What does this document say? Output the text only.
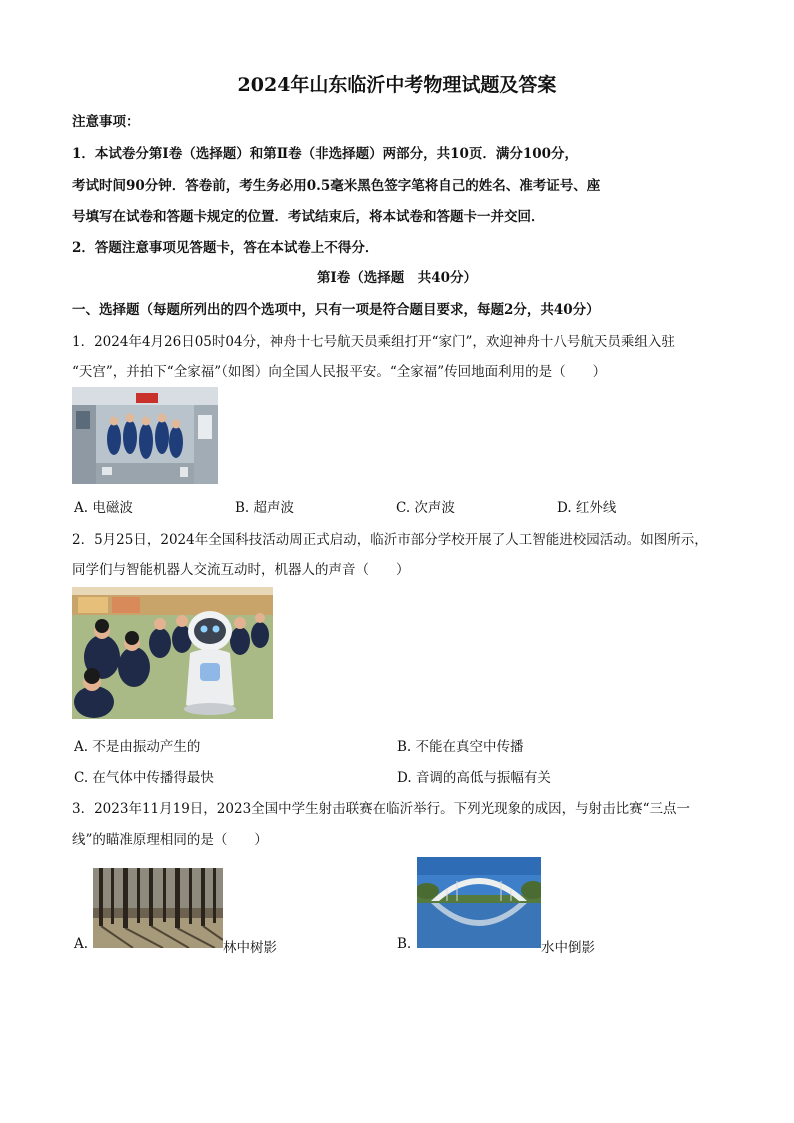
2024年山东临沂中考物理试题及答案
注意事项：
1．本试卷分第Ⅰ卷（选择题）和第Ⅱ卷（非选择题）两部分，共10页．满分100分，
考试时间90分钟．答卷前，考生务必用0.5毫米黑色签字笔将自己的姓名、准考证号、座
号填写在试卷和答题卡规定的位置．考试结束后，将本试卷和答题卡一并交回．
2．答题注意事项见答题卡，答在本试卷上不得分．
第Ⅰ卷（选择题　共40分）
一、选择题（每题所列出的四个选项中，只有一项是符合题目要求，每题2分，共40分）
1．2024年4月26日05时04分，神舟十七号航天员乘组打开“家门”，欢迎神舟十八号航天员乘组入驻
“天宫”，并拍下“全家福”（如图）向全国人民报平安。“全家福”传回地面利用的是（　　）
A. 电磁波	B. 超声波	C. 次声波	D. 红外线
2．5月25日，2024年全国科技活动周正式启动，临沂市部分学校开展了人工智能进校园活动。如图所示，
同学们与智能机器人交流互动时，机器人的声音（　　）
A. 不是由振动产生的	B. 不能在真空中传播
C. 在气体中传播得最快	D. 音调的高低与振幅有关
3．2023年11月19日，2023全国中学生射击联赛在临沂举行。下列光现象的成因，与射击比赛“三点一
线”的瞄准原理相同的是（　　）
A.	林中树影	B.	水中倒影
